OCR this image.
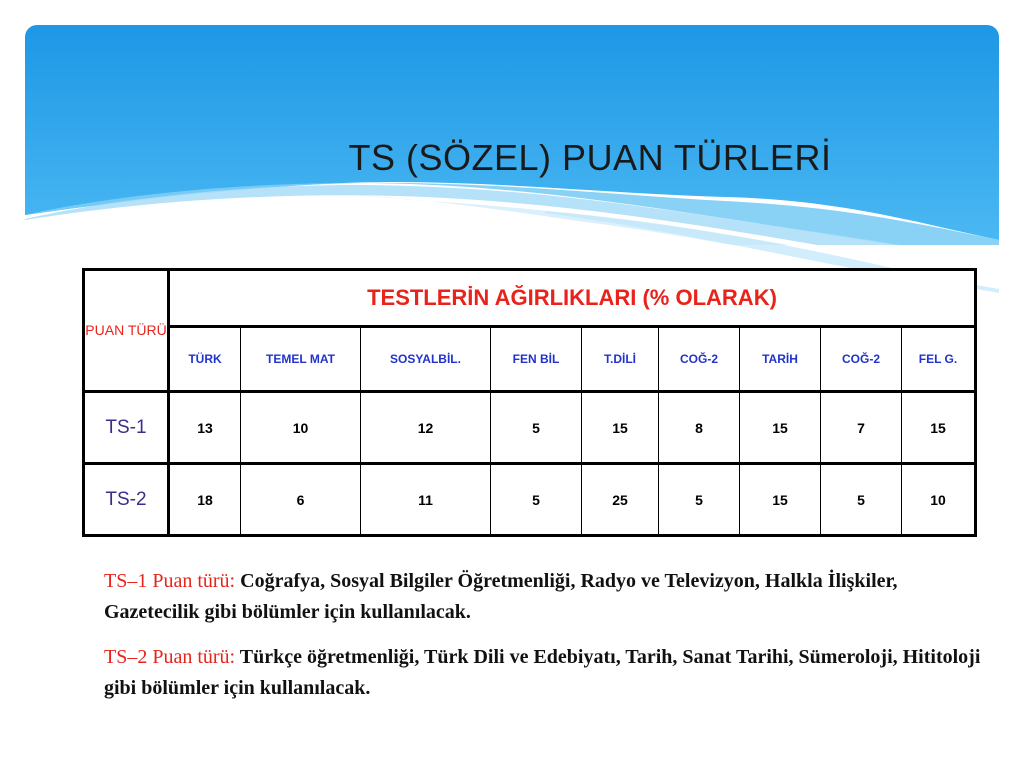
TS (SÖZEL) PUAN TÜRLERİ
PUAN TÜRÜ	TESTLERİN AĞIRLIKLARI (% OLARAK)								
	TÜRK	TEMEL MAT	SOSYALBİL.	FEN BİL	T.DİLİ	COĞ-2	TARİH	COĞ-2	FEL G.
TS-1	13	10	12	5	15	8	15	7	15
TS-2	18	6	11	5	25	5	15	5	10
TS–1 Puan türü: Coğrafya, Sosyal Bilgiler Öğretmenliği, Radyo ve Televizyon, Halkla İlişkiler, Gazetecilik gibi bölümler için kullanılacak.
TS–2 Puan türü: Türkçe öğretmenliği, Türk Dili ve Edebiyatı, Tarih, Sanat Tarihi, Sümeroloji, Hititoloji gibi bölümler için kullanılacak.
